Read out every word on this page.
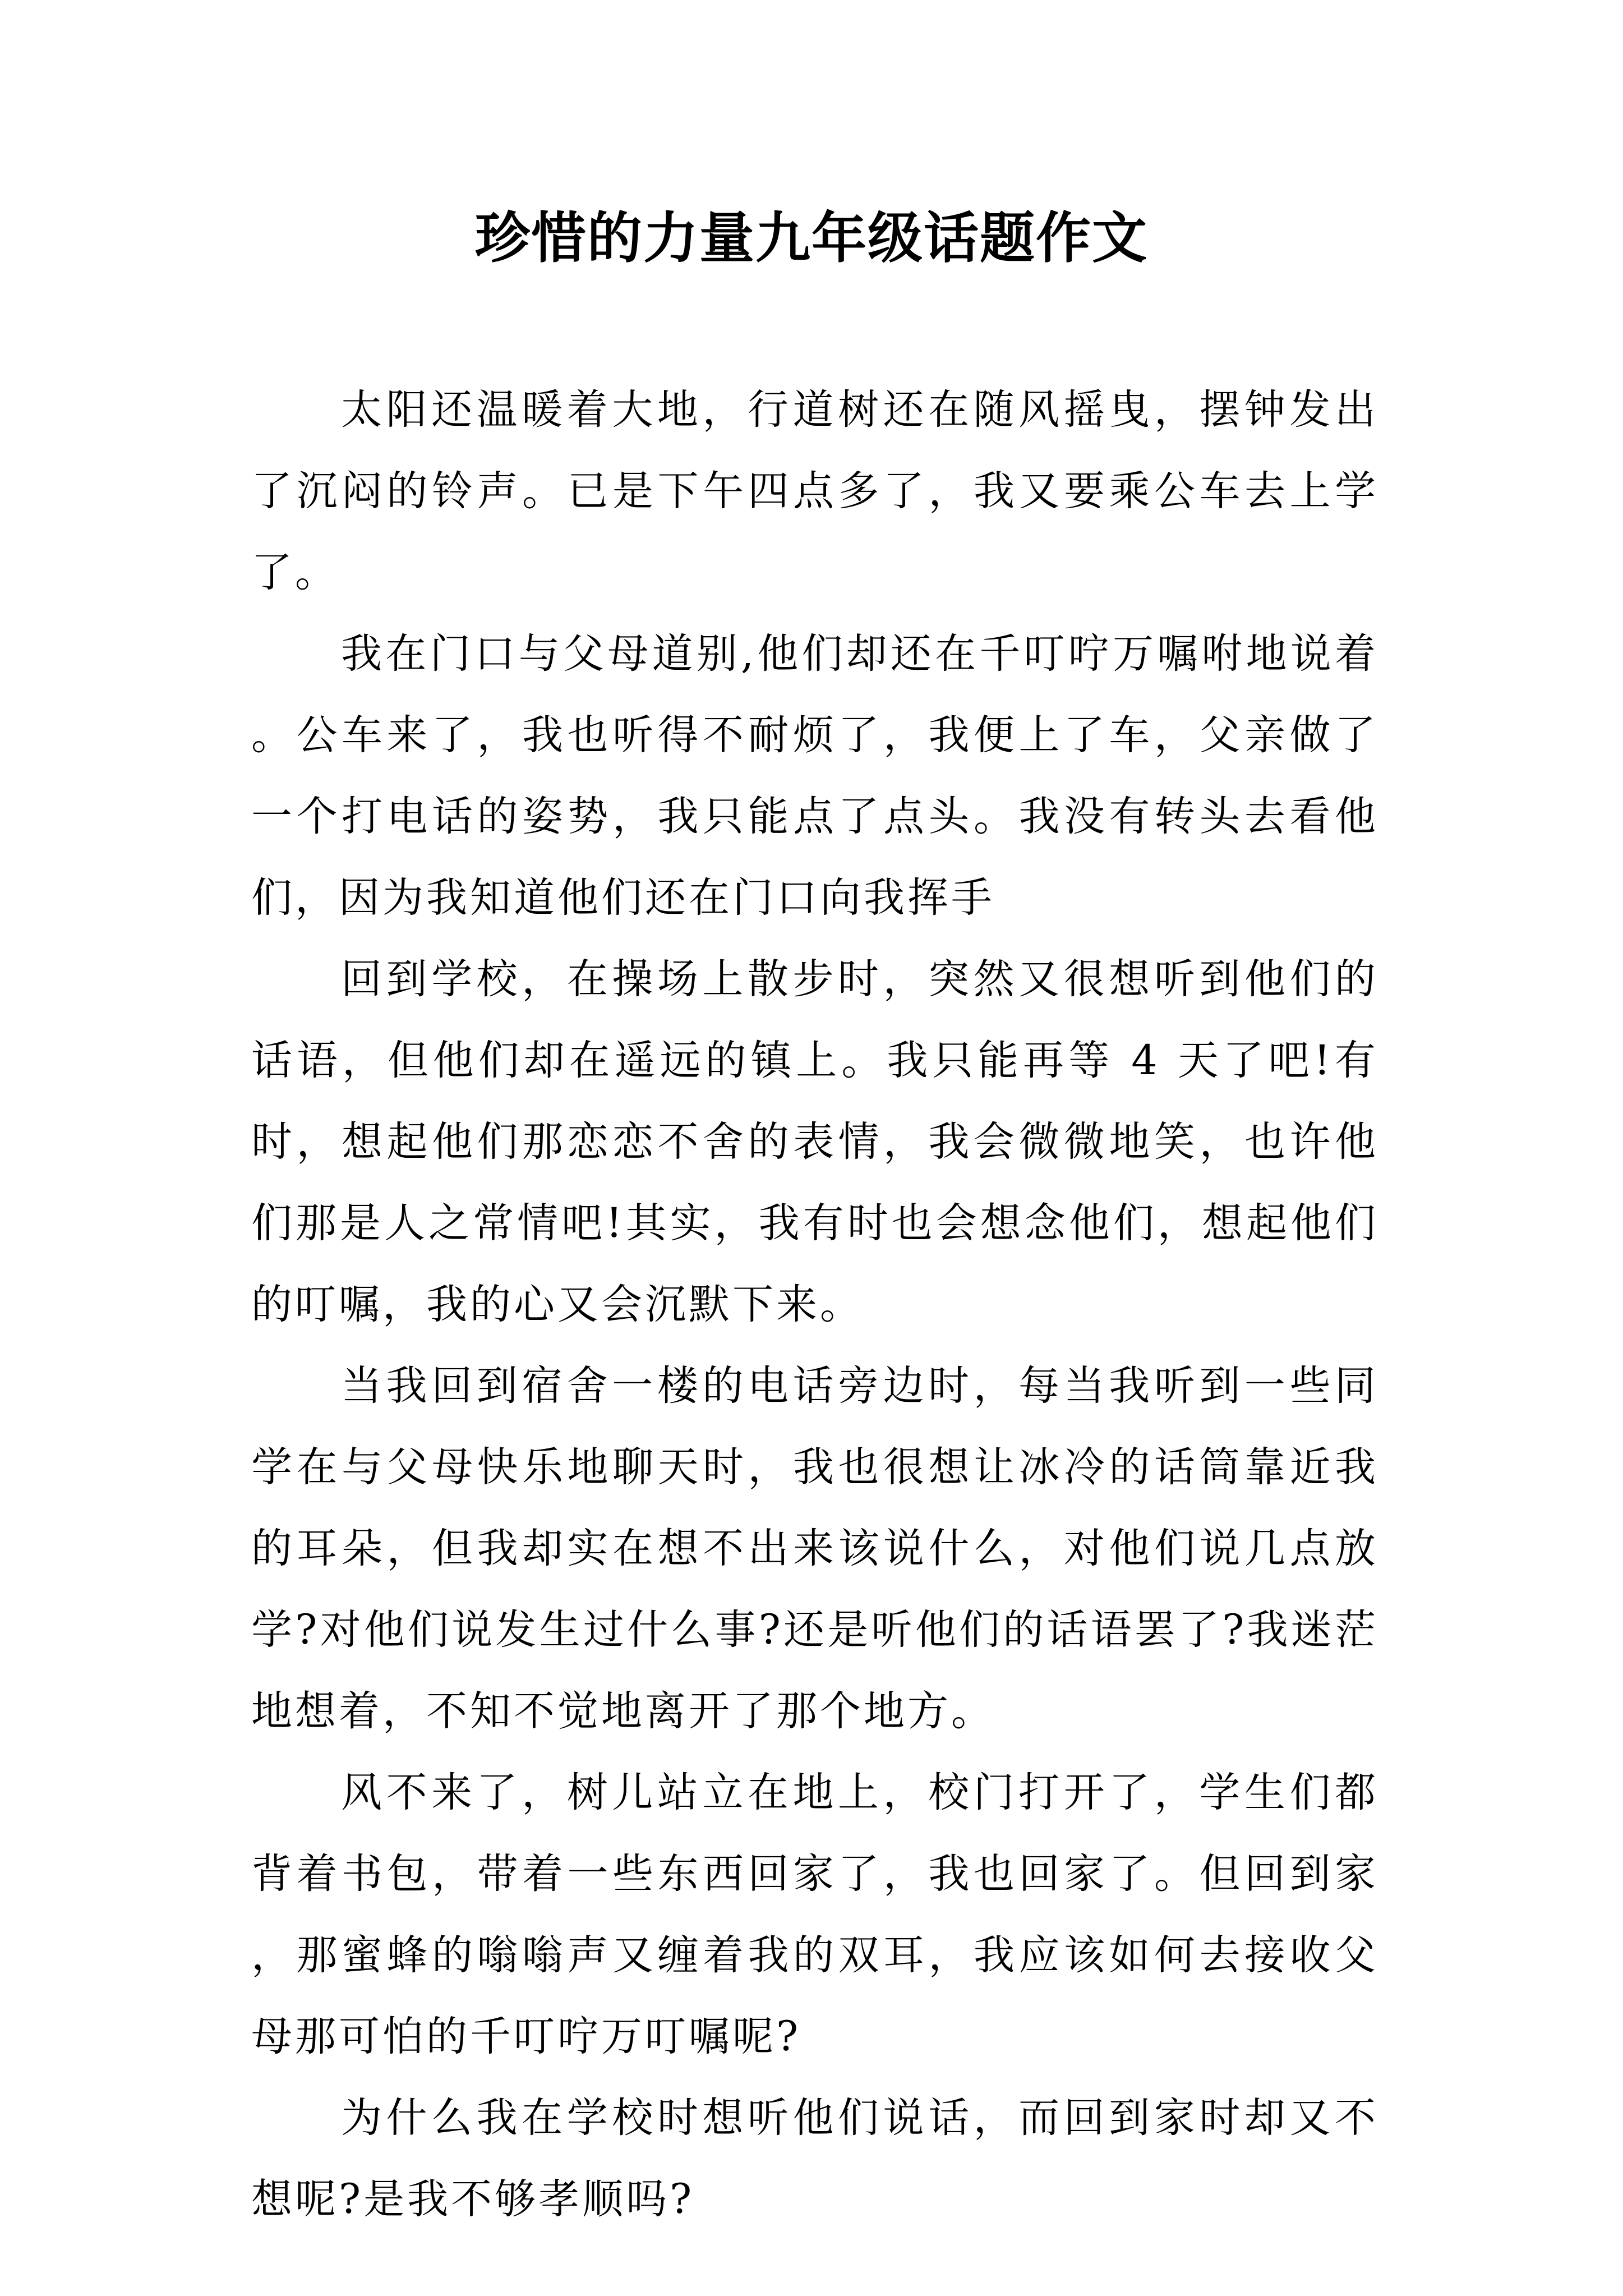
珍惜的力量九年级话题作文

太阳还温暖着大地，行道树还在随风摇曳，摆钟发出了沉闷的铃声。已是下午四点多了，我又要乘公车去上学了。

我在门口与父母道别,他们却还在千叮咛万嘱咐地说着。公车来了，我也听得不耐烦了，我便上了车，父亲做了一个打电话的姿势，我只能点了点头。我没有转头去看他们，因为我知道他们还在门口向我挥手

回到学校，在操场上散步时，突然又很想听到他们的话语，但他们却在遥远的镇上。我只能再等 4 天了吧!有时，想起他们那恋恋不舍的表情，我会微微地笑，也许他们那是人之常情吧!其实，我有时也会想念他们，想起他们的叮嘱，我的心又会沉默下来。

当我回到宿舍一楼的电话旁边时，每当我听到一些同学在与父母快乐地聊天时，我也很想让冰冷的话筒靠近我的耳朵，但我却实在想不出来该说什么，对他们说几点放学?对他们说发生过什么事?还是听他们的话语罢了?我迷茫地想着，不知不觉地离开了那个地方。

风不来了，树儿站立在地上，校门打开了，学生们都背着书包，带着一些东西回家了，我也回家了。但回到家，那蜜蜂的嗡嗡声又缠着我的双耳，我应该如何去接收父母那可怕的千叮咛万叮嘱呢?

为什么我在学校时想听他们说话，而回到家时却又不想呢?是我不够孝顺吗?
